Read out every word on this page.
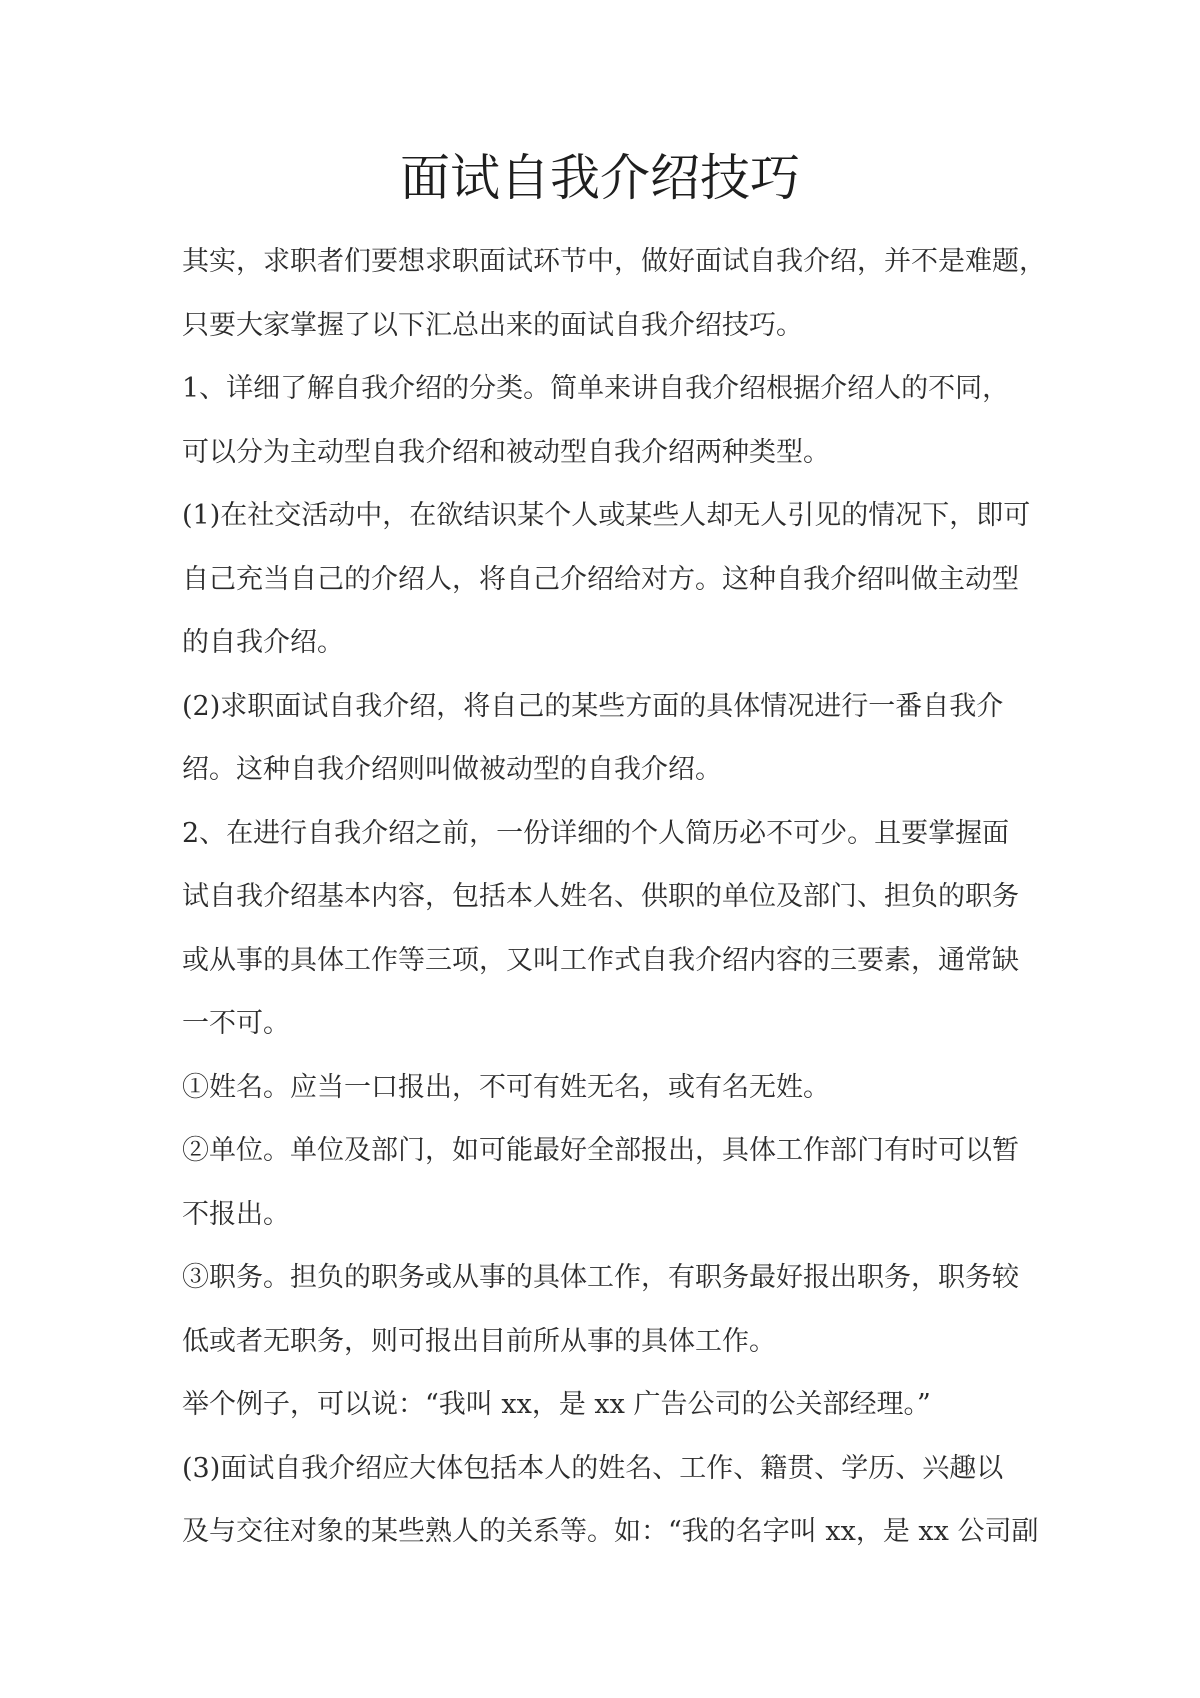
面试自我介绍技巧

其实，求职者们要想求职面试环节中，做好面试自我介绍，并不是难题，
只要大家掌握了以下汇总出来的面试自我介绍技巧。

1、详细了解自我介绍的分类。简单来讲自我介绍根据介绍人的不同，
可以分为主动型自我介绍和被动型自我介绍两种类型。

(1)在社交活动中，在欲结识某个人或某些人却无人引见的情况下，即可
自己充当自己的介绍人，将自己介绍给对方。这种自我介绍叫做主动型
的自我介绍。

(2)求职面试自我介绍，将自己的某些方面的具体情况进行一番自我介
绍。这种自我介绍则叫做被动型的自我介绍。

2、在进行自我介绍之前，一份详细的个人简历必不可少。且要掌握面
试自我介绍基本内容，包括本人姓名、供职的单位及部门、担负的职务
或从事的具体工作等三项，又叫工作式自我介绍内容的三要素，通常缺
一不可。

①姓名。应当一口报出，不可有姓无名，或有名无姓。

②单位。单位及部门，如可能最好全部报出，具体工作部门有时可以暂
不报出。

③职务。担负的职务或从事的具体工作，有职务最好报出职务，职务较
低或者无职务，则可报出目前所从事的具体工作。

举个例子，可以说：“我叫 xx，是 xx 广告公司的公关部经理。”

(3)面试自我介绍应大体包括本人的姓名、工作、籍贯、学历、兴趣以
及与交往对象的某些熟人的关系等。如：“我的名字叫 xx，是 xx 公司副
